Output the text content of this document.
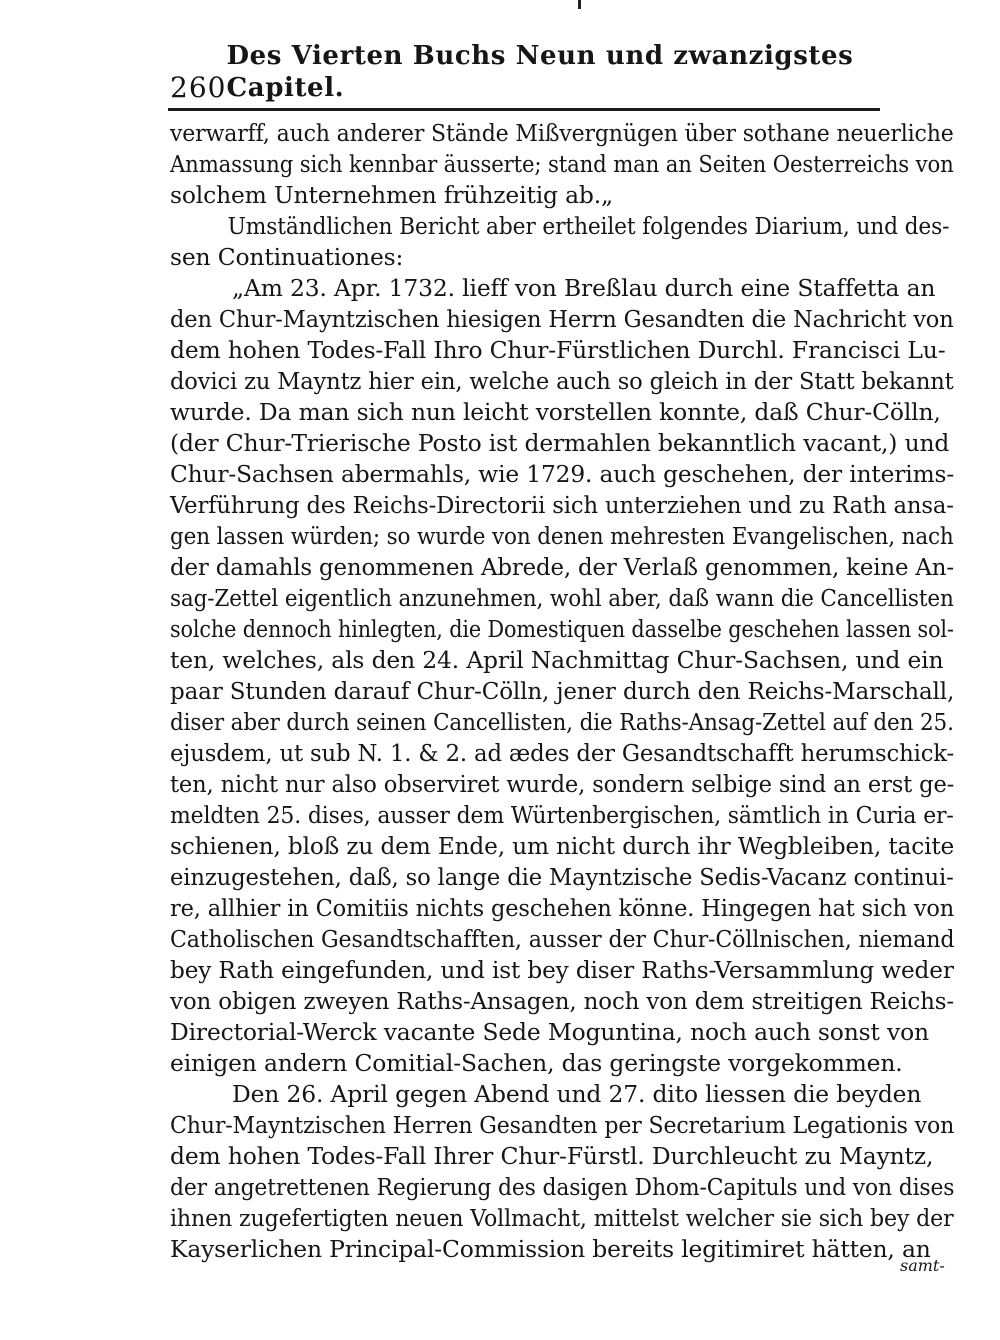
260
Des Vierten Buchs Neun und zwanzigstes Capitel.
verwarff, auch anderer Stände Mißvergnügen über sothane neuerliche
Anmassung sich kennbar äusserte; stand man an Seiten Oesterreichs von
solchem Unternehmen frühzeitig ab.„
Umständlichen Bericht aber ertheilet folgendes Diarium, und des-
sen Continuationes:
„Am 23. Apr. 1732. lieff von Breßlau durch eine Staffetta an
den Chur-Mayntzischen hiesigen Herrn Gesandten die Nachricht von
dem hohen Todes-Fall Ihro Chur-Fürstlichen Durchl. Francisci Lu-
dovici zu Mayntz hier ein, welche auch so gleich in der Statt bekannt
wurde. Da man sich nun leicht vorstellen konnte, daß Chur-Cölln,
(der Chur-Trierische Posto ist dermahlen bekanntlich vacant,) und
Chur-Sachsen abermahls, wie 1729. auch geschehen, der interims-
Verführung des Reichs-Directorii sich unterziehen und zu Rath ansa-
gen lassen würden; so wurde von denen mehresten Evangelischen, nach
der damahls genommenen Abrede, der Verlaß genommen, keine An-
sag-Zettel eigentlich anzunehmen, wohl aber, daß wann die Cancellisten
solche dennoch hinlegten, die Domestiquen dasselbe geschehen lassen sol-
ten, welches, als den 24. April Nachmittag Chur-Sachsen, und ein
paar Stunden darauf Chur-Cölln, jener durch den Reichs-Marschall,
diser aber durch seinen Cancellisten, die Raths-Ansag-Zettel auf den 25.
ejusdem, ut sub N. 1. & 2. ad ædes der Gesandtschafft herumschick-
ten, nicht nur also observiret wurde, sondern selbige sind an erst ge-
meldten 25. dises, ausser dem Würtenbergischen, sämtlich in Curia er-
schienen, bloß zu dem Ende, um nicht durch ihr Wegbleiben, tacite
einzugestehen, daß, so lange die Mayntzische Sedis-Vacanz continui-
re, allhier in Comitiis nichts geschehen könne. Hingegen hat sich von
Catholischen Gesandtschafften, ausser der Chur-Cöllnischen, niemand
bey Rath eingefunden, und ist bey diser Raths-Versammlung weder
von obigen zweyen Raths-Ansagen, noch von dem streitigen Reichs-
Directorial-Werck vacante Sede Moguntina, noch auch sonst von
einigen andern Comitial-Sachen, das geringste vorgekommen.
Den 26. April gegen Abend und 27. dito liessen die beyden
Chur-Mayntzischen Herren Gesandten per Secretarium Legationis von
dem hohen Todes-Fall Ihrer Chur-Fürstl. Durchleucht zu Mayntz,
der angetrettenen Regierung des dasigen Dhom-Capituls und von dises
ihnen zugefertigten neuen Vollmacht, mittelst welcher sie sich bey der
Kayserlichen Principal-Commission bereits legitimiret hätten, an
samt-
